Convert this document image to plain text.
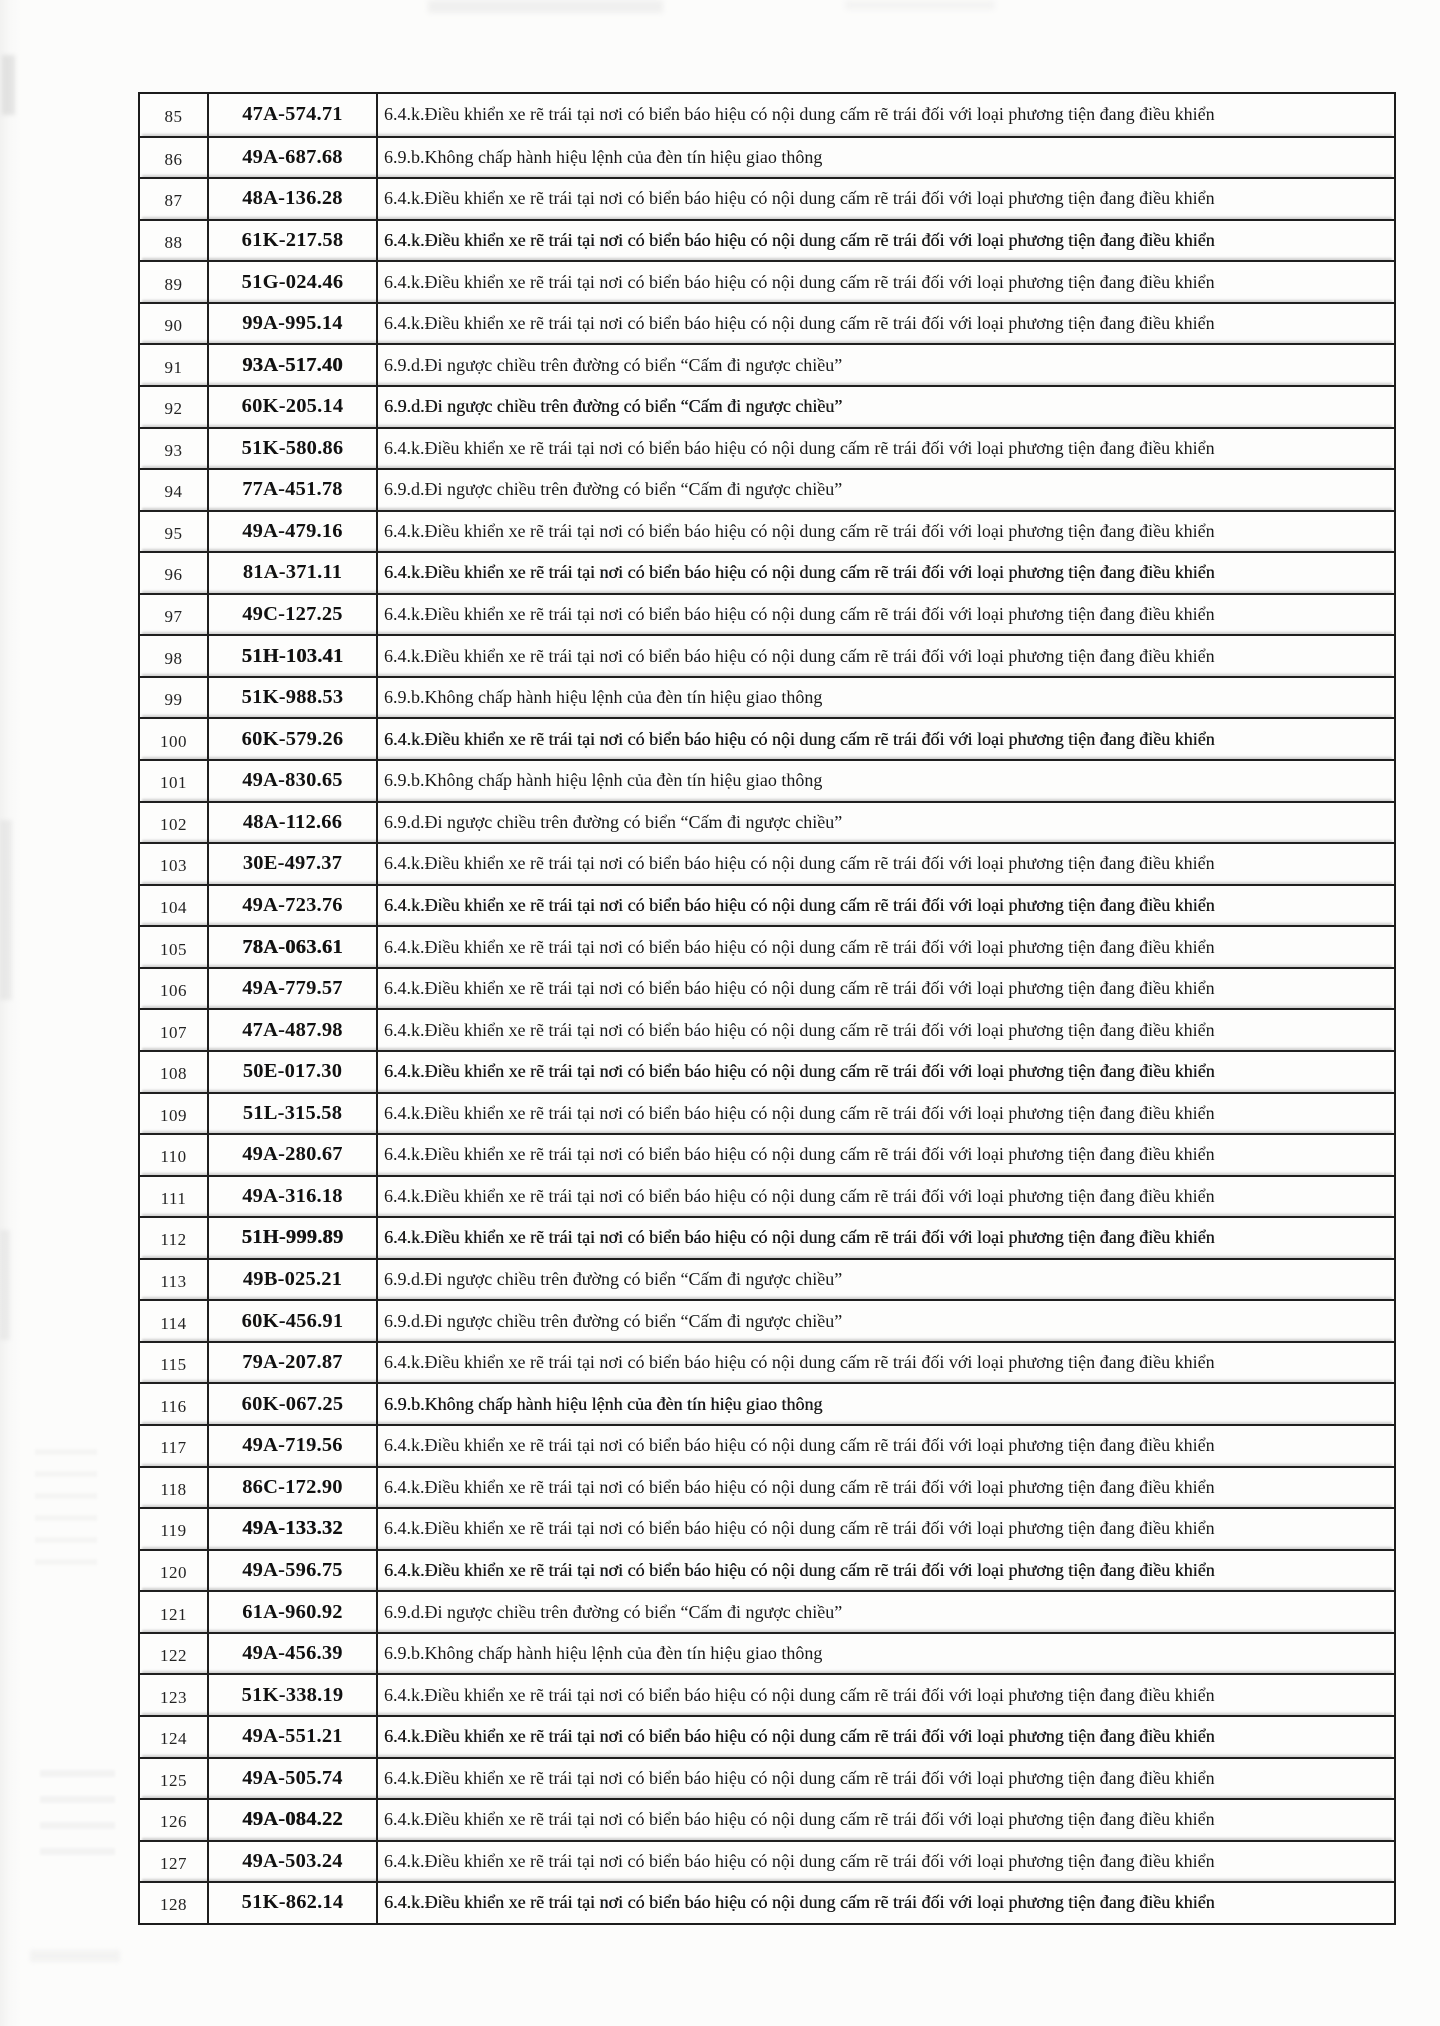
85	47A-574.71	6.4.k.Điều khiển xe rẽ trái tại nơi có biển báo hiệu có nội dung cấm rẽ trái đối với loại phương tiện đang điều khiển
86	49A-687.68	6.9.b.Không chấp hành hiệu lệnh của đèn tín hiệu giao thông
87	48A-136.28	6.4.k.Điều khiển xe rẽ trái tại nơi có biển báo hiệu có nội dung cấm rẽ trái đối với loại phương tiện đang điều khiển
88	61K-217.58	6.4.k.Điều khiển xe rẽ trái tại nơi có biển báo hiệu có nội dung cấm rẽ trái đối với loại phương tiện đang điều khiển
89	51G-024.46	6.4.k.Điều khiển xe rẽ trái tại nơi có biển báo hiệu có nội dung cấm rẽ trái đối với loại phương tiện đang điều khiển
90	99A-995.14	6.4.k.Điều khiển xe rẽ trái tại nơi có biển báo hiệu có nội dung cấm rẽ trái đối với loại phương tiện đang điều khiển
91	93A-517.40	6.9.d.Đi ngược chiều trên đường có biển “Cấm đi ngược chiều”
92	60K-205.14	6.9.d.Đi ngược chiều trên đường có biển “Cấm đi ngược chiều”
93	51K-580.86	6.4.k.Điều khiển xe rẽ trái tại nơi có biển báo hiệu có nội dung cấm rẽ trái đối với loại phương tiện đang điều khiển
94	77A-451.78	6.9.d.Đi ngược chiều trên đường có biển “Cấm đi ngược chiều”
95	49A-479.16	6.4.k.Điều khiển xe rẽ trái tại nơi có biển báo hiệu có nội dung cấm rẽ trái đối với loại phương tiện đang điều khiển
96	81A-371.11	6.4.k.Điều khiển xe rẽ trái tại nơi có biển báo hiệu có nội dung cấm rẽ trái đối với loại phương tiện đang điều khiển
97	49C-127.25	6.4.k.Điều khiển xe rẽ trái tại nơi có biển báo hiệu có nội dung cấm rẽ trái đối với loại phương tiện đang điều khiển
98	51H-103.41	6.4.k.Điều khiển xe rẽ trái tại nơi có biển báo hiệu có nội dung cấm rẽ trái đối với loại phương tiện đang điều khiển
99	51K-988.53	6.9.b.Không chấp hành hiệu lệnh của đèn tín hiệu giao thông
100	60K-579.26	6.4.k.Điều khiển xe rẽ trái tại nơi có biển báo hiệu có nội dung cấm rẽ trái đối với loại phương tiện đang điều khiển
101	49A-830.65	6.9.b.Không chấp hành hiệu lệnh của đèn tín hiệu giao thông
102	48A-112.66	6.9.d.Đi ngược chiều trên đường có biển “Cấm đi ngược chiều”
103	30E-497.37	6.4.k.Điều khiển xe rẽ trái tại nơi có biển báo hiệu có nội dung cấm rẽ trái đối với loại phương tiện đang điều khiển
104	49A-723.76	6.4.k.Điều khiển xe rẽ trái tại nơi có biển báo hiệu có nội dung cấm rẽ trái đối với loại phương tiện đang điều khiển
105	78A-063.61	6.4.k.Điều khiển xe rẽ trái tại nơi có biển báo hiệu có nội dung cấm rẽ trái đối với loại phương tiện đang điều khiển
106	49A-779.57	6.4.k.Điều khiển xe rẽ trái tại nơi có biển báo hiệu có nội dung cấm rẽ trái đối với loại phương tiện đang điều khiển
107	47A-487.98	6.4.k.Điều khiển xe rẽ trái tại nơi có biển báo hiệu có nội dung cấm rẽ trái đối với loại phương tiện đang điều khiển
108	50E-017.30	6.4.k.Điều khiển xe rẽ trái tại nơi có biển báo hiệu có nội dung cấm rẽ trái đối với loại phương tiện đang điều khiển
109	51L-315.58	6.4.k.Điều khiển xe rẽ trái tại nơi có biển báo hiệu có nội dung cấm rẽ trái đối với loại phương tiện đang điều khiển
110	49A-280.67	6.4.k.Điều khiển xe rẽ trái tại nơi có biển báo hiệu có nội dung cấm rẽ trái đối với loại phương tiện đang điều khiển
111	49A-316.18	6.4.k.Điều khiển xe rẽ trái tại nơi có biển báo hiệu có nội dung cấm rẽ trái đối với loại phương tiện đang điều khiển
112	51H-999.89	6.4.k.Điều khiển xe rẽ trái tại nơi có biển báo hiệu có nội dung cấm rẽ trái đối với loại phương tiện đang điều khiển
113	49B-025.21	6.9.d.Đi ngược chiều trên đường có biển “Cấm đi ngược chiều”
114	60K-456.91	6.9.d.Đi ngược chiều trên đường có biển “Cấm đi ngược chiều”
115	79A-207.87	6.4.k.Điều khiển xe rẽ trái tại nơi có biển báo hiệu có nội dung cấm rẽ trái đối với loại phương tiện đang điều khiển
116	60K-067.25	6.9.b.Không chấp hành hiệu lệnh của đèn tín hiệu giao thông
117	49A-719.56	6.4.k.Điều khiển xe rẽ trái tại nơi có biển báo hiệu có nội dung cấm rẽ trái đối với loại phương tiện đang điều khiển
118	86C-172.90	6.4.k.Điều khiển xe rẽ trái tại nơi có biển báo hiệu có nội dung cấm rẽ trái đối với loại phương tiện đang điều khiển
119	49A-133.32	6.4.k.Điều khiển xe rẽ trái tại nơi có biển báo hiệu có nội dung cấm rẽ trái đối với loại phương tiện đang điều khiển
120	49A-596.75	6.4.k.Điều khiển xe rẽ trái tại nơi có biển báo hiệu có nội dung cấm rẽ trái đối với loại phương tiện đang điều khiển
121	61A-960.92	6.9.d.Đi ngược chiều trên đường có biển “Cấm đi ngược chiều”
122	49A-456.39	6.9.b.Không chấp hành hiệu lệnh của đèn tín hiệu giao thông
123	51K-338.19	6.4.k.Điều khiển xe rẽ trái tại nơi có biển báo hiệu có nội dung cấm rẽ trái đối với loại phương tiện đang điều khiển
124	49A-551.21	6.4.k.Điều khiển xe rẽ trái tại nơi có biển báo hiệu có nội dung cấm rẽ trái đối với loại phương tiện đang điều khiển
125	49A-505.74	6.4.k.Điều khiển xe rẽ trái tại nơi có biển báo hiệu có nội dung cấm rẽ trái đối với loại phương tiện đang điều khiển
126	49A-084.22	6.4.k.Điều khiển xe rẽ trái tại nơi có biển báo hiệu có nội dung cấm rẽ trái đối với loại phương tiện đang điều khiển
127	49A-503.24	6.4.k.Điều khiển xe rẽ trái tại nơi có biển báo hiệu có nội dung cấm rẽ trái đối với loại phương tiện đang điều khiển
128	51K-862.14	6.4.k.Điều khiển xe rẽ trái tại nơi có biển báo hiệu có nội dung cấm rẽ trái đối với loại phương tiện đang điều khiển
